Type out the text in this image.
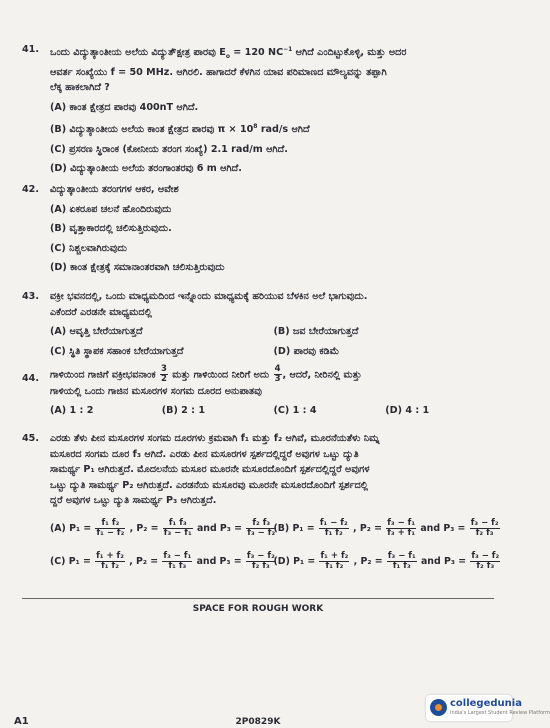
41. ಒಂದು ವಿದ್ಯುತ್ಕಾಂತೀಯ ಅಲೆಯ ವಿದ್ಯುತ್ಕ್ಷೇತ್ರ ಪಾರವು $E_o = 120$ $NC^{-1}$ ಆಗಿದೆ ಎಂದಿಟ್ಟುಕೊಳ್ಳಿ, ಮತ್ತು ಅದರ
ಆವರ್ತ ಸಂಖ್ಯೆಯು f = 50 MHz. ಆಗಿರಲಿ. ಹಾಗಾದರೆ ಕೆಳಗಿನ ಯಾವ ಪರಿಮಾಣದ ಮೌಲ್ಯವನ್ನು ತಪ್ಪಾಗಿ
ಲೆಕ್ಕ ಹಾಕಲಾಗಿದೆ ?
(A) ಕಾಂತ ಕ್ಷೇತ್ರದ ಪಾರವು 400nT ಆಗಿದೆ.
(B) ವಿದ್ಯುತ್ಕಾಂತೀಯ ಅಲೆಯ ಕಾಂತ ಕ್ಷೇತ್ರದ ಪಾರವು $\pi \times 10^8$ rad/s ಆಗಿದೆ
(C) ಪ್ರಸರಣ ಸ್ಥಿರಾಂಕ (ಕೋನೀಯ ತರಂಗ ಸಂಖ್ಯೆ) 2.1 rad/m ಆಗಿದೆ.
(D) ವಿದ್ಯುತ್ಕಾಂತೀಯ ಅಲೆಯ ತರಂಗಾಂತರವು 6 m ಆಗಿದೆ.
42. ವಿದ್ಯುತ್ಕಾಂತೀಯ ತರಂಗಗಳ ಆಕರ, ಆವೇಶ
(A) ಏಕರೂಪ ಚಲನೆ ಹೊಂದಿರುವುದು
(B) ವೃತ್ತಾಕಾರದಲ್ಲಿ ಚಲಿಸುತ್ತಿರುವುದು.
(C) ನಿಶ್ಚಲವಾಗಿರುವುದು
(D) ಕಾಂತ ಕ್ಷೇತ್ರಕ್ಕೆ ಸಮಾನಾಂತರವಾಗಿ ಚಲಿಸುತ್ತಿರುವುದು
43. ವಕ್ರೀ ಭವನದಲ್ಲಿ, ಒಂದು ಮಾಧ್ಯಮದಿಂದ ಇನ್ನೊಂದು ಮಾಧ್ಯಮಕ್ಕೆ ಹರಿಯುವ ಬೆಳಕಿನ ಅಲೆ ಭಾಗುವುದು.
ಎಕೆಂದರೆ ಎರಡನೇ ಮಾಧ್ಯಮದಲ್ಲಿ
(A) ಆವೃತ್ತಿ ಬೇರೆಯಾಗುತ್ತದೆ	(B) ಜವ ಬೇರೆಯಾಗುತ್ತದೆ
(C) ಸ್ಥಿತಿ ಸ್ಥಾಪಕ ಸಹಾಂಕ ಬೇರೆಯಾಗುತ್ತದೆ	(D) ಪಾರವು ಕಡಿಮೆ
44. ಗಾಳಿಯಿಂದ ಗಾಜಿಗೆ ವಕ್ರೀಭವನಾಂಕ $\frac{3}{2}$ ಮತ್ತು ಗಾಳಿಯಿಂದ ನೀರಿಗೆ ಅದು $\frac{4}{3}$ , ಆದರೆ, ನೀರಿನಲ್ಲಿ ಮತ್ತು
ಗಾಳಿಯಲ್ಲಿ ಒಂದು ಗಾಜಿನ ಮಸೂರಗಳ ಸಂಗಮ ದೂರದ ಅನುಪಾತವು
(A) 1 : 2	(B) 2 : 1	(C) 1 : 4	(D) 4 : 1
45. ಎರಡು ತೆಳು ಪೀನ ಮಸೂರಗಳ ಸಂಗಮ ದೂರಗಳು ಕ್ರಮವಾಗಿ f₁ ಮತ್ತು f₂ ಆಗಿವೆ, ಮೂರನೆಯತೆಳು ನಿಮ್ನ
ಮಸೂರದ ಸಂಗಮ ದೂರ f₃ ಆಗಿದೆ. ಎರಡು ಪೀನ ಮಸೂರಗಳ ಸ್ಪರ್ಶದಲ್ಲಿದ್ದರೆ ಅವುಗಳ ಒಟ್ಟು ದ್ಯುತಿ
ಸಾಮರ್ಥ್ಯ P₁ ಆಗಿರುತ್ತದೆ. ಮೊದಲನೆಯ ಮಸೂರ ಮೂರನೇ ಮಸೂರದೊಂದಿಗೆ ಸ್ಪರ್ಶದಲ್ಲಿದ್ದರೆ ಅವುಗಳ
ಒಟ್ಟು ದ್ಯುತಿ ಸಾಮರ್ಥ್ಯ P₂ ಆಗಿರುತ್ತದೆ. ಎರಡನೆಯ ಮಸೂರವು ಮೂರನೇ ಮಸೂರದೊಂದಿಗೆ ಸ್ಪರ್ಶದಲ್ಲಿ
ದ್ದರೆ ಅವುಗಳ ಒಟ್ಟು ದ್ಯುತಿ ಸಾಮರ್ಥ್ಯ P₃ ಆಗಿರುತ್ತದೆ.
(A) $P_1 = \frac{\text{f₁ f₂}}{\text{f₁ − f₂}}$ , $P_2 = \frac{\text{f₁ f₃}}{\text{f₃ − f₁}}$ and $P_3 = \frac{\text{f₂ f₃}}{\text{f₃ − f₂}}$
(B) $P_1 = \frac{\text{f₁ − f₂}}{\text{f₁ f₂}}$ , $P_2 = \frac{\text{f₃ − f₁}}{\text{f₃ + f₁}}$ and $P_3 = \frac{\text{f₃ − f₂}}{\text{f₂ f₃}}$
(C) $P_1 = \frac{\text{f₁ + f₂}}{\text{f₁ f₂}}$ , $P_2 = \frac{\text{f₃ − f₁}}{\text{f₁ f₃}}$ and $P_3 = \frac{\text{f₃ − f₂}}{\text{f₂ f₃}}$
(D) $P_1 = \frac{\text{f₁ + f₂}}{\text{f₁ f₂}}$ , $P_2 = \frac{\text{f₃ − f₁}}{\text{f₁ f₃}}$ and $P_3 = \frac{\text{f₃ − f₂}}{\text{f₂ f₃}}$
SPACE FOR ROUGH WORK
A1	2P0829K
collegedunia
India's Largest Student Review Platform
